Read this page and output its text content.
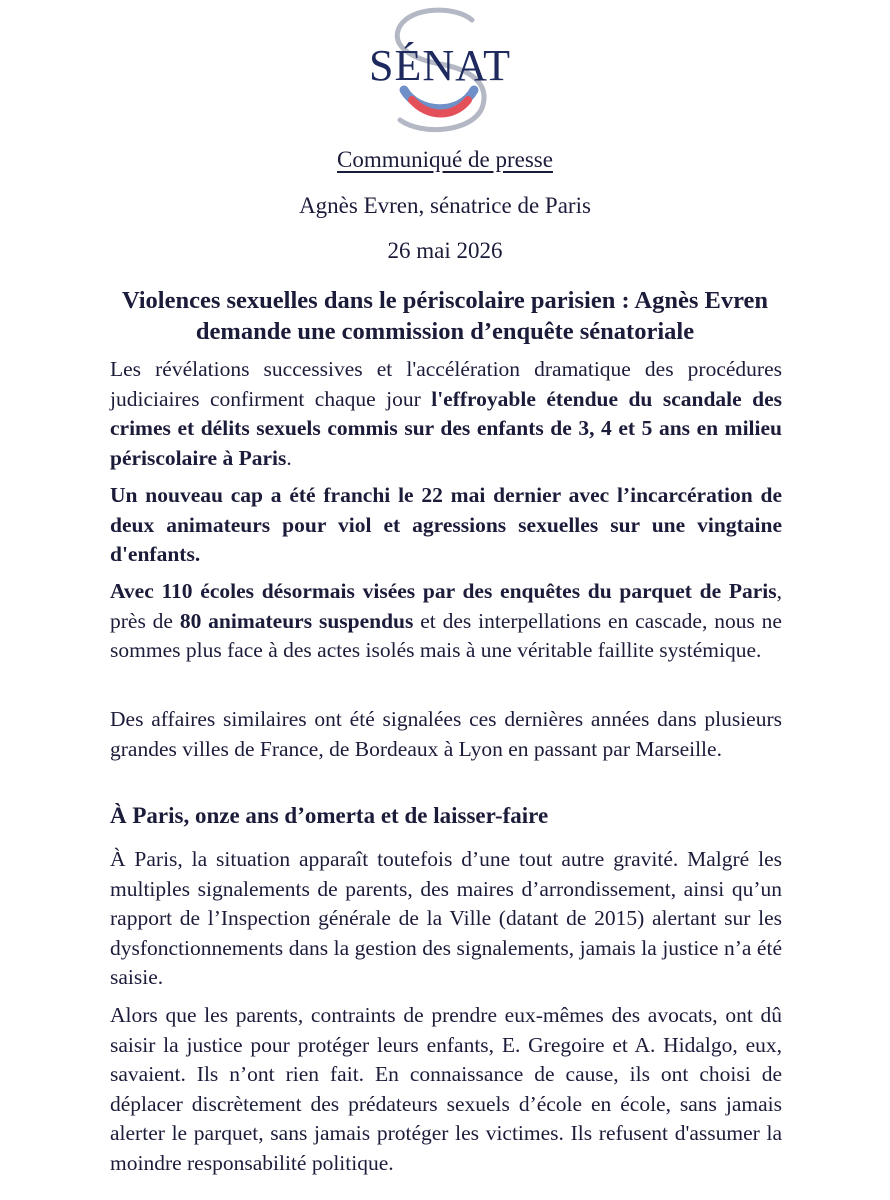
SÉNAT
Communiqué de presse
Agnès Evren, sénatrice de Paris
26 mai 2026
Violences sexuelles dans le périscolaire parisien : Agnès Evren demande une commission d’enquête sénatoriale
Les révélations successives et l'accélération dramatique des procédures judiciaires confirment chaque jour l'effroyable étendue du scandale des crimes et délits sexuels commis sur des enfants de 3, 4 et 5 ans en milieu périscolaire à Paris.
Un nouveau cap a été franchi le 22 mai dernier avec l’incarcération de deux animateurs pour viol et agressions sexuelles sur une vingtaine d'enfants.
Avec 110 écoles désormais visées par des enquêtes du parquet de Paris, près de 80 animateurs suspendus et des interpellations en cascade, nous ne sommes plus face à des actes isolés mais à une véritable faillite systémique.
Des affaires similaires ont été signalées ces dernières années dans plusieurs grandes villes de France, de Bordeaux à Lyon en passant par Marseille.
À Paris, onze ans d’omerta et de laisser-faire
À Paris, la situation apparaît toutefois d’une tout autre gravité. Malgré les multiples signalements de parents, des maires d’arrondissement, ainsi qu’un rapport de l’Inspection générale de la Ville (datant de 2015) alertant sur les dysfonctionnements dans la gestion des signalements, jamais la justice n’a été saisie.
Alors que les parents, contraints de prendre eux-mêmes des avocats, ont dû saisir la justice pour protéger leurs enfants, E. Gregoire et A. Hidalgo, eux, savaient. Ils n’ont rien fait. En connaissance de cause, ils ont choisi de déplacer discrètement des prédateurs sexuels d’école en école, sans jamais alerter le parquet, sans jamais protéger les victimes. Ils refusent d'assumer la moindre responsabilité politique.
